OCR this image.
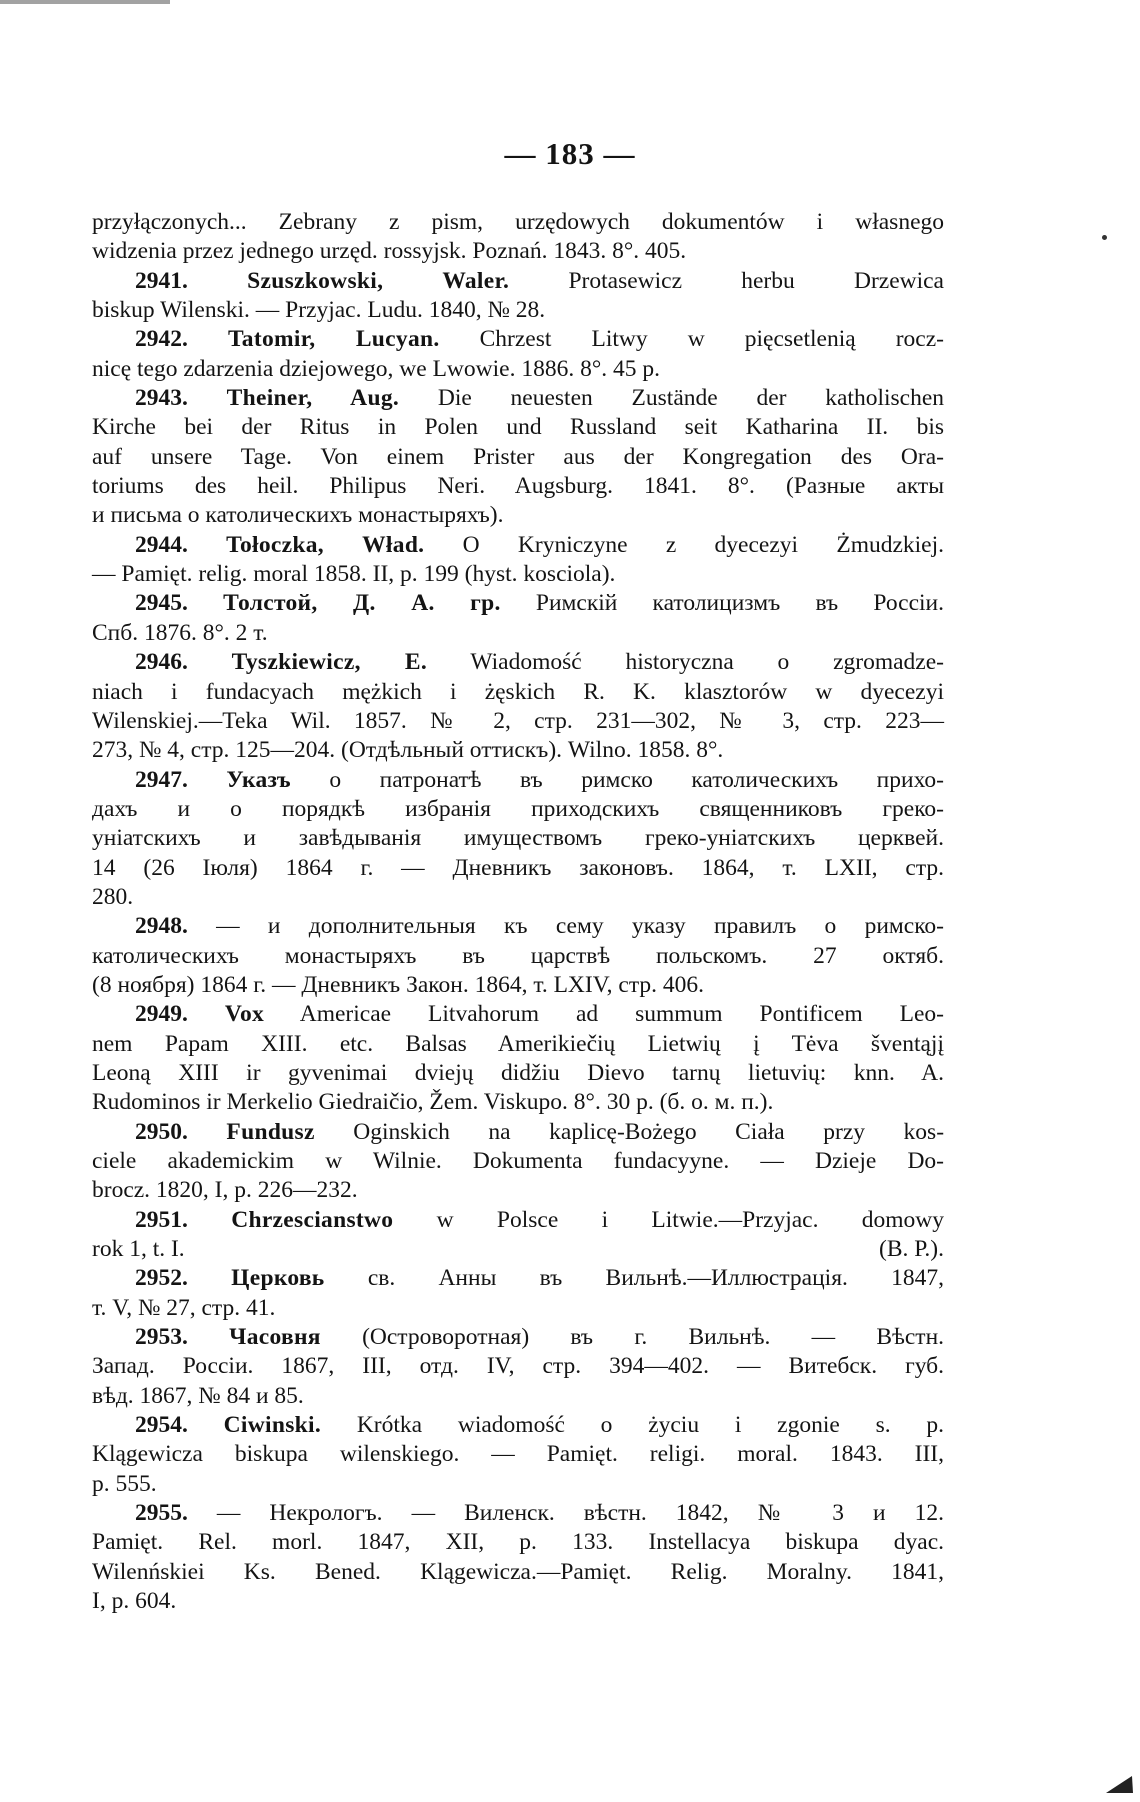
— 183 —
przyłączonych... Zebrany z pism, urzędowych dokumentów i własnego
widzenia przez jednego urzęd. rossyjsk. Poznań. 1843. 8°. 405.
2941.	Szuszkowski, Waler.	Protasewicz herbu Drzewica
biskup Wilenski. — Przyjac. Ludu. 1840, № 28.
2942. Tatomir, Lucyan. Chrzest Litwy w pięcsetlenią rocz-
nicę tego zdarzenia dziejowego, we Lwowie. 1886. 8°. 45 p.
2943. Theiner, Aug. Die neuesten Zustände der katholischen
Kirche bei der Ritus in Polen und Russland seit Katharina II. bis
auf unsere Tage. Von einem Prister aus der Kongregation des Ora-
toriums des heil. Philipus Neri. Augsburg. 1841. 8°. (Разные акты
и письма о католическихъ монастыряхъ).
2944. Tołoczka, Wład. O Kryniczyne z dyecezyi Żmudzkiej.
— Pamięt. relig. moral 1858. II, p. 199 (hyst. kosciola).
2945. Толстой, Д. А. гр. Римскій католицизмъ въ Россіи.
Спб. 1876. 8°. 2 т.
2946. Tyszkiewicz, E. Wiadomość historyczna o zgromadze-
niach i fundacyach mężkich i żęskich R. K. klasztorów w dyecezyi
Wilenskiej.—Teka Wil. 1857. № 2, стр. 231—302, № 3, стр. 223—
273, № 4, стр. 125—204. (Отдѣльный оттискъ). Wilno. 1858. 8°.
2947. Указъ о патронатѣ въ римско католическихъ прихо-
дахъ и о порядкѣ избранія приходскихъ священниковъ греко-
уніатскихъ и завѣдыванія имуществомъ греко-уніатскихъ церквей.
14 (26 Іюля) 1864 г. — Дневникъ законовъ. 1864, т. LXII, стр.
280.
2948. — и дополнительныя къ сему указу правилъ о римско-
католическихъ монастыряхъ въ царствѣ польскомъ. 27 октяб.
(8 ноября) 1864 г. — Дневникъ Закон. 1864, т. LXIV, стр. 406.
2949. Vox Americae Litvahorum ad summum Pontificem Leo-
nem Papam XIII. etc. Balsas Amerikiečių Lietwių į Tėva šventąjį
Leoną XIII ir gyvenimai dviejų didžiu Dievo tarnų lietuvių: knn. A.
Rudominos ir Merkelio Giedraičio, Žem. Viskupo. 8°. 30 p. (б. о. м. п.).
2950. Fundusz Oginskich na kaplicę-Bożego Ciała przy kos-
ciele akademickim w Wilnie. Dokumenta fundacyyne. — Dzieje Do-
brocz. 1820, I, p. 226—232.
2951. Chrzescianstwo w Polsce i Litwie.—Przyjac. domowy
rok 1, t. I.	(В. Р.).
2952. Церковь св. Анны въ Вильнѣ.—Иллюстрація. 1847,
т. V, № 27, стр. 41.
2953. Часовня (Островоротная) въ г. Вильнѣ. — Вѣстн.
Запад. Россіи. 1867, III, отд. IV, стр. 394—402. — Витебск. губ.
вѣд. 1867, № 84 и 85.
2954. Ciwinski. Krótka wiadomość o życiu i zgonie s. p.
Klągewicza biskupa wilenskiego. — Pamięt. religi. moral. 1843. III,
p. 555.
2955. — Некрологъ. — Виленск. вѣстн. 1842, № 3 и 12.
Pamięt. Rel. morl. 1847, XII, p. 133. Instellacya biskupa dyac.
Wilenńskiei Ks. Bened. Klągewicza.—Pamięt. Relig. Moralny. 1841,
I, p. 604.
